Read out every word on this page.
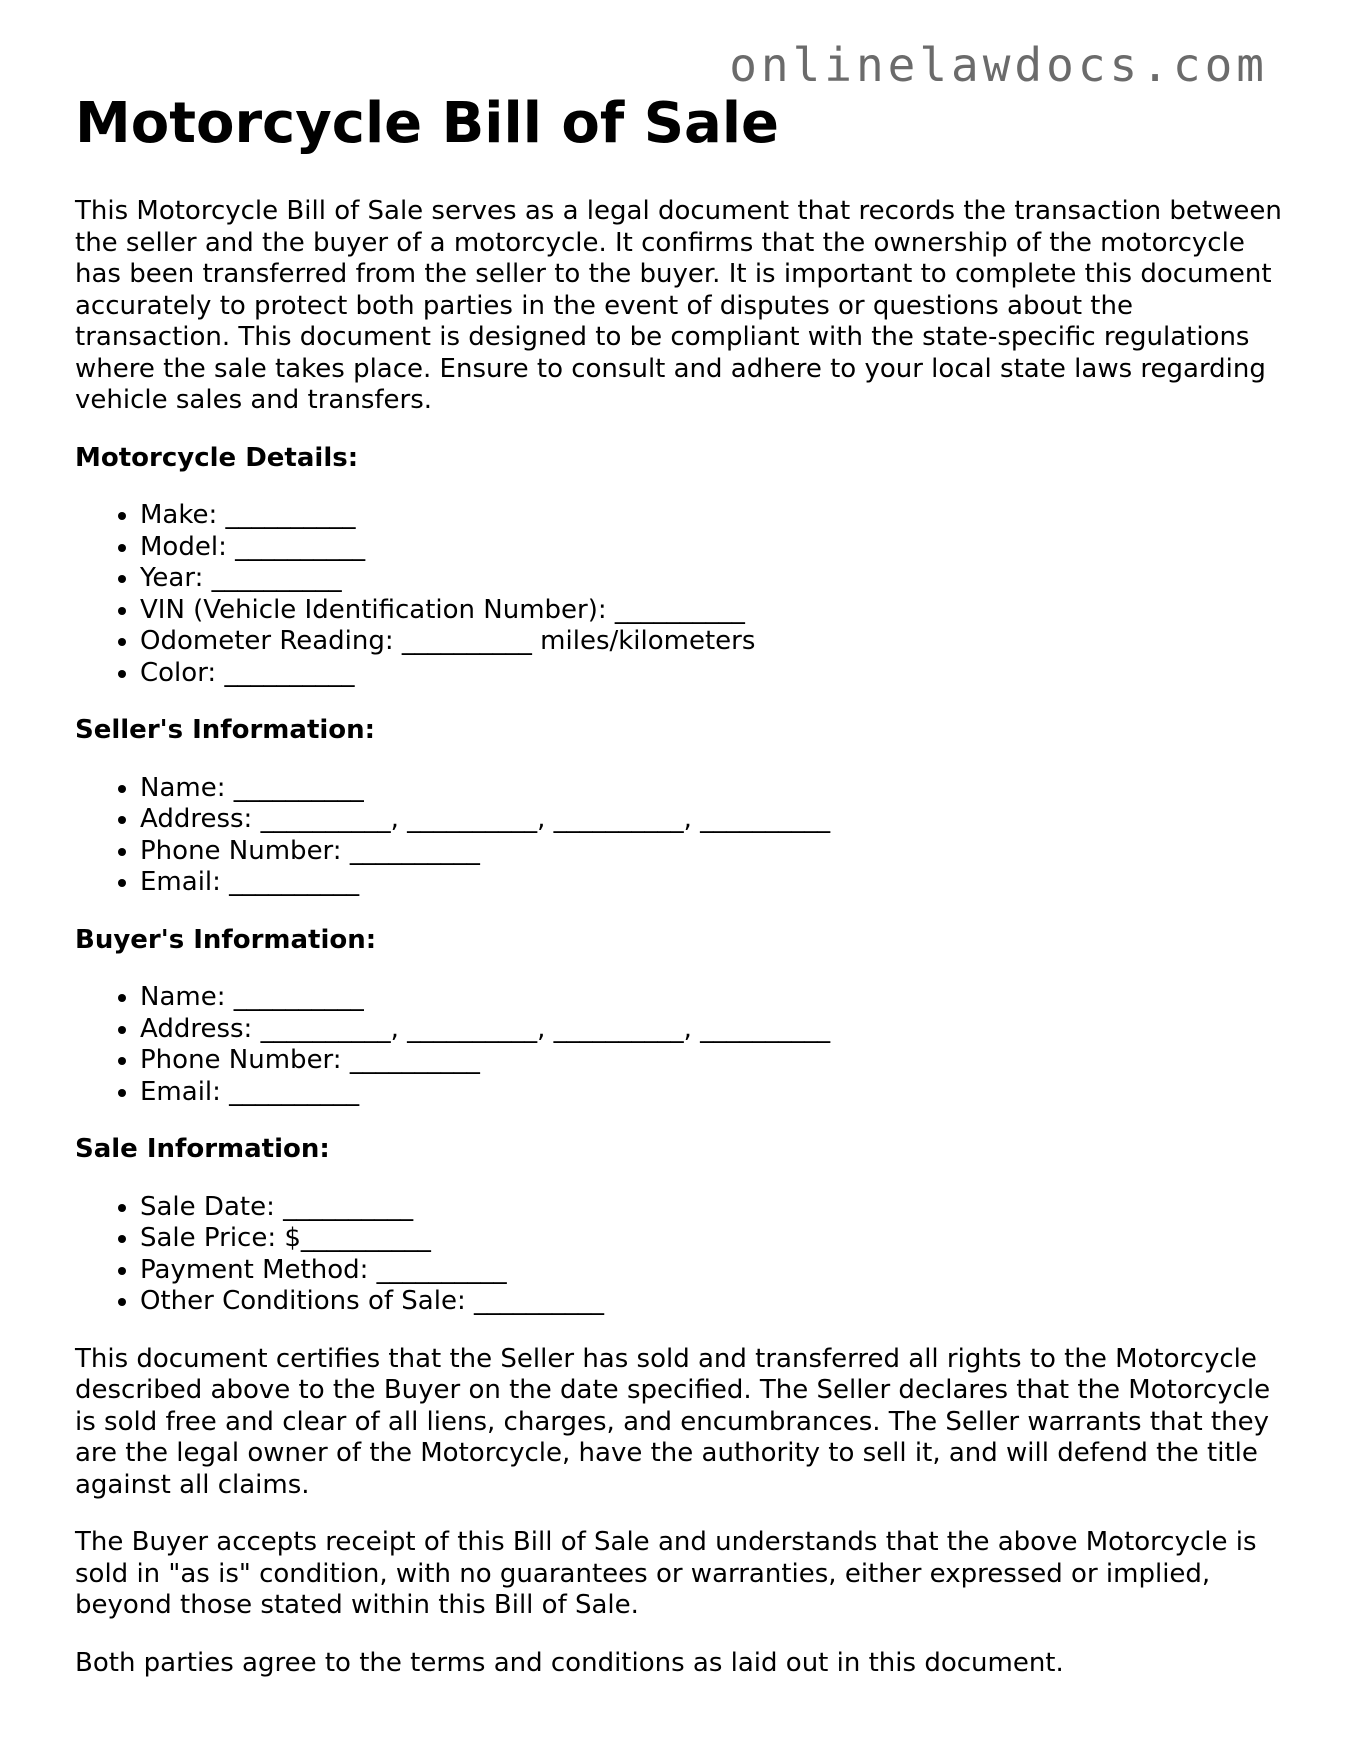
onlinelawdocs.com
Motorcycle Bill of Sale

This Motorcycle Bill of Sale serves as a legal document that records the transaction between the seller and the buyer of a motorcycle. It confirms that the ownership of the motorcycle has been transferred from the seller to the buyer. It is important to complete this document accurately to protect both parties in the event of disputes or questions about the transaction. This document is designed to be compliant with the state-specific regulations where the sale takes place. Ensure to consult and adhere to your local state laws regarding vehicle sales and transfers.

Motorcycle Details:
• Make: __________
• Model: __________
• Year: __________
• VIN (Vehicle Identification Number): __________
• Odometer Reading: __________ miles/kilometers
• Color: __________
Seller's Information:
• Name: __________
• Address: __________, __________, __________, __________
• Phone Number: __________
• Email: __________
Buyer's Information:
• Name: __________
• Address: __________, __________, __________, __________
• Phone Number: __________
• Email: __________
Sale Information:
• Sale Date: __________
• Sale Price: $__________
• Payment Method: __________
• Other Conditions of Sale: __________

This document certifies that the Seller has sold and transferred all rights to the Motorcycle described above to the Buyer on the date specified. The Seller declares that the Motorcycle is sold free and clear of all liens, charges, and encumbrances. The Seller warrants that they are the legal owner of the Motorcycle, have the authority to sell it, and will defend the title against all claims.

The Buyer accepts receipt of this Bill of Sale and understands that the above Motorcycle is sold in "as is" condition, with no guarantees or warranties, either expressed or implied, beyond those stated within this Bill of Sale.

Both parties agree to the terms and conditions as laid out in this document.
